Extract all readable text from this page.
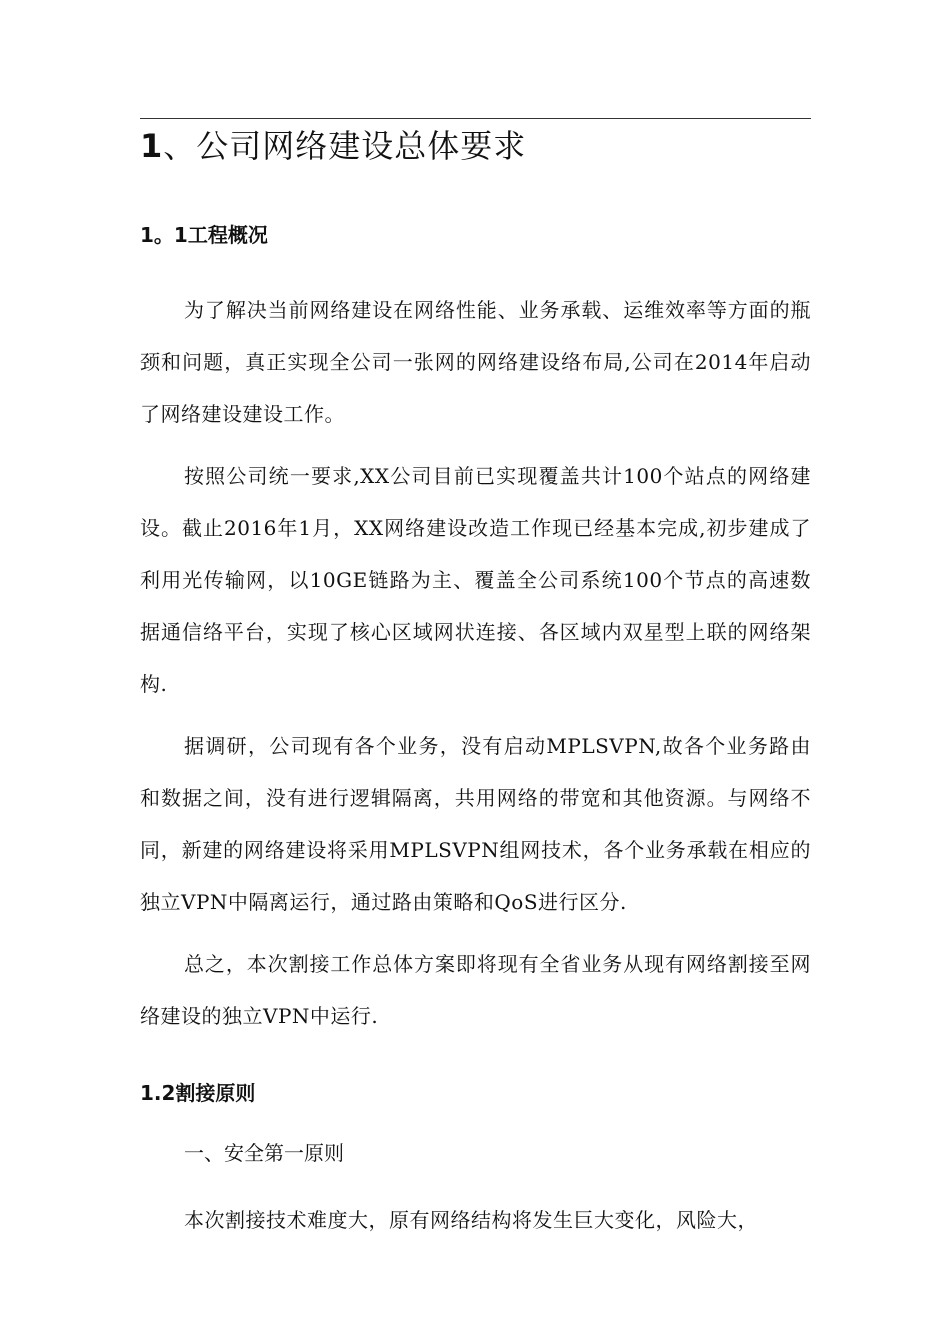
1、公司网络建设总体要求
1。1工程概况

为了解决当前网络建设在网络性能、业务承载、运维效率等方面的瓶颈和问题，真正实现全公司一张网的网络建设络布局,公司在2014年启动了网络建设建设工作。

按照公司统一要求,XX公司目前已实现覆盖共计100个站点的网络建设。截止2016年1月，XX网络建设改造工作现已经基本完成,初步建成了利用光传输网，以10GE链路为主、覆盖全公司系统100个节点的高速数据通信络平台，实现了核心区域网状连接、各区域内双星型上联的网络架构.

据调研，公司现有各个业务，没有启动MPLSVPN,故各个业务路由和数据之间，没有进行逻辑隔离，共用网络的带宽和其他资源。与网络不同，新建的网络建设将采用MPLSVPN组网技术，各个业务承载在相应的独立VPN中隔离运行，通过路由策略和QoS进行区分.

总之，本次割接工作总体方案即将现有全省业务从现有网络割接至网络建设的独立VPN中运行.

1.2割接原则

一、安全第一原则

本次割接技术难度大，原有网络结构将发生巨大变化，风险大，
